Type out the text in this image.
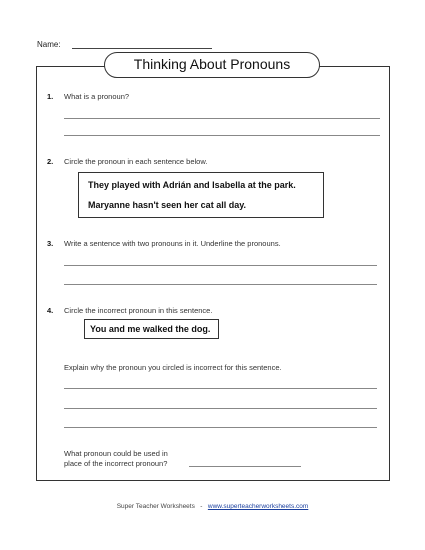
Name:
Thinking About Pronouns
1. What is a pronoun?
2. Circle the pronoun in each sentence below.
They played with Adrián and Isabella at the park.
Maryanne hasn't seen her cat all day.
3. Write a sentence with two pronouns in it. Underline the pronouns.
4. Circle the incorrect pronoun in this sentence.
You and me walked the dog.
Explain why the pronoun you circled is incorrect for this sentence.
What pronoun could be used in
place of the incorrect pronoun?
Super Teacher Worksheets - www.superteacherworksheets.com
